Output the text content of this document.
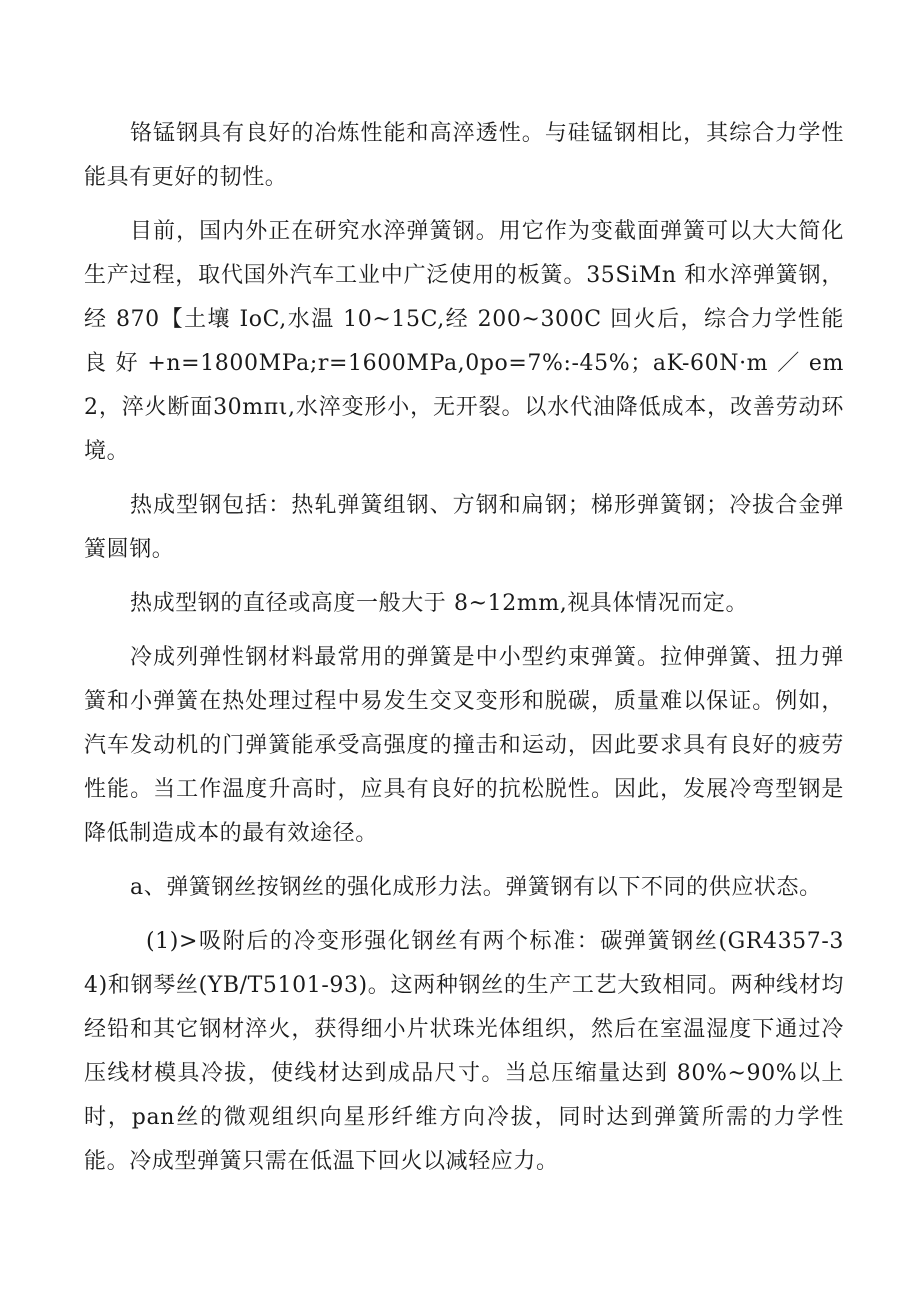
铬锰钢具有良好的冶炼性能和高淬透性。与硅锰钢相比，其综合力学性能具有更好的韧性。

目前，国内外正在研究水淬弹簧钢。用它作为变截面弹簧可以大大简化生产过程，取代国外汽车工业中广泛使用的板簧。35SiMn 和水淬弹簧钢，经 870【土壤 IoC,水温 10~15C,经 200~300C 回火后，综合力学性能良好+n=1800MPa;r=1600MPa,0po=7%:-45%；aK-60N·m／em2，淬火断面30mπι,水淬变形小，无开裂。以水代油降低成本，改善劳动环境。

热成型钢包括：热轧弹簧组钢、方钢和扁钢；梯形弹簧钢；冷拔合金弹簧圆钢。

热成型钢的直径或高度一般大于 8~12mm,视具体情况而定。

冷成列弹性钢材料最常用的弹簧是中小型约束弹簧。拉伸弹簧、扭力弹簧和小弹簧在热处理过程中易发生交叉变形和脱碳，质量难以保证。例如，汽车发动机的门弹簧能承受高强度的撞击和运动，因此要求具有良好的疲劳性能。当工作温度升高时，应具有良好的抗松脱性。因此，发展冷弯型钢是降低制造成本的最有效途径。

a、弹簧钢丝按钢丝的强化成形力法。弹簧钢有以下不同的供应状态。

(1)>吸附后的冷变形强化钢丝有两个标准：碳弹簧钢丝(GR4357-34)和钢琴丝(YB/T5101-93)。这两种钢丝的生产工艺大致相同。两种线材均经铅和其它钢材淬火，获得细小片状珠光体组织，然后在室温湿度下通过冷压线材模具冷拔，使线材达到成品尺寸。当总压缩量达到 80%~90%以上时，pan丝的微观组织向星形纤维方向冷拔，同时达到弹簧所需的力学性能。冷成型弹簧只需在低温下回火以减轻应力。
